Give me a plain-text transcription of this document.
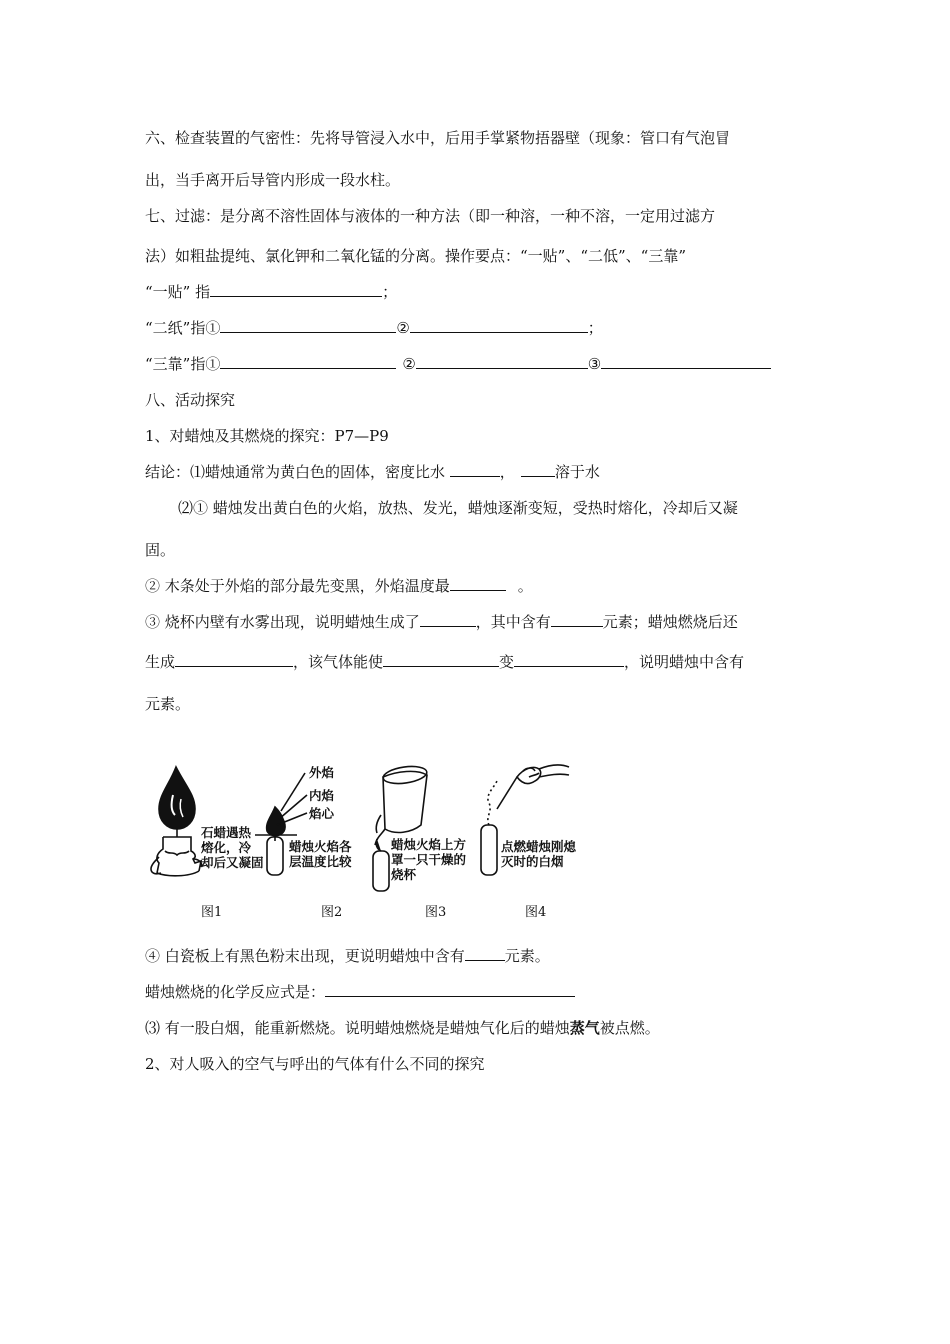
六、检查装置的气密性：先将导管浸入水中，后用手掌紧物捂器壁（现象：管口有气泡冒
出，当手离开后导管内形成一段水柱。
七、过滤：是分离不溶性固体与液体的一种方法（即一种溶，一种不溶，一定用过滤方
法）如粗盐提纯、氯化钾和二氧化锰的分离。操作要点：“一贴”、“二低”、“三靠”
“一贴” 指	；
“二纸”指①	②	；
“三靠”指①	②	③
八、活动探究
1、对蜡烛及其燃烧的探究：P7—P9
结论：⑴蜡烛通常为黄白色的固体，密度比水	，	溶于水
⑵① 蜡烛发出黄白色的火焰，放热、发光，蜡烛逐渐变短，受热时熔化，冷却后又凝
固。
② 木条处于外焰的部分最先变黑，外焰温度最	。
③ 烧杯内壁有水雾出现，说明蜡烛生成了	，其中含有	元素；蜡烛燃烧后还
生成	，该气体能使	变	，说明蜡烛中含有
元素。
石蜡遇热
熔化，冷
却后又凝固
外焰
内焰
焰心
蜡烛火焰各
层温度比较
蜡烛火焰上方
罩一只干燥的
烧杯
点燃蜡烛刚熄
灭时的白烟
图1	图2	图3	图4
④ 白瓷板上有黑色粉末出现，更说明蜡烛中含有	元素。
蜡烛燃烧的化学反应式是：
⑶ 有一股白烟，能重新燃烧。说明蜡烛燃烧是蜡烛气化后的蜡烛蒸气被点燃。
2、对人吸入的空气与呼出的气体有什么不同的探究
